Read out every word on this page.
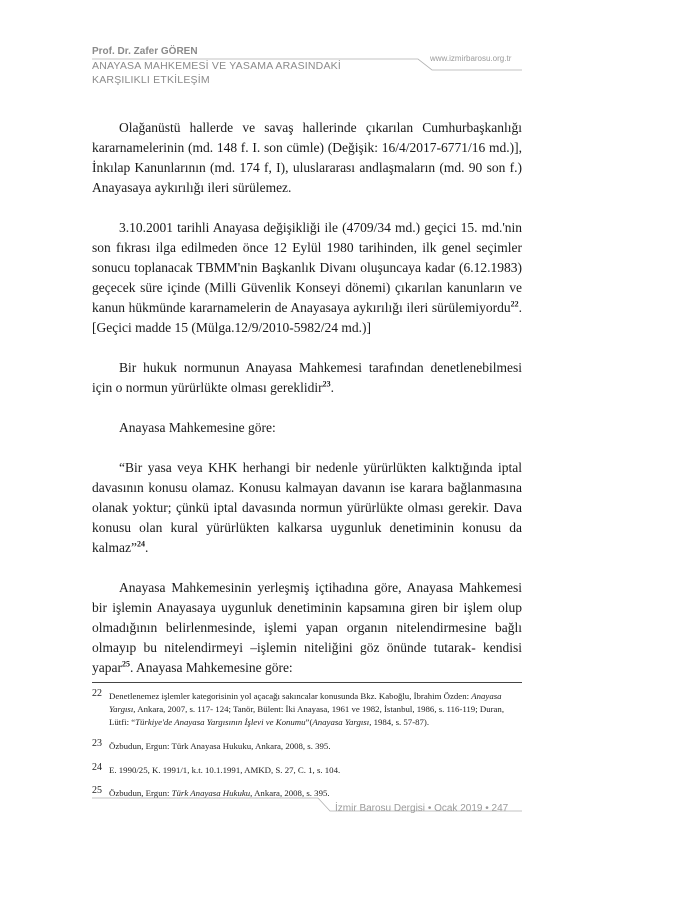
Prof. Dr. Zafer GÖREN
ANAYASA MAHKEMESİ VE YASAMA ARASINDAKİ
KARŞILIKLI ETKİLEŞİM
www.izmirbarosu.org.tr

Olağanüstü hallerde ve savaş hallerinde çıkarılan Cumhurbaşkanlığı kararnamelerinin (md. 148 f. I. son cümle) (Değişik: 16/4/2017-6771/16 md.)], İnkılap Kanunlarının (md. 174 f, I), uluslararası andlaşmaların (md. 90 son f.) Anayasaya aykırılığı ileri sürülemez.

3.10.2001 tarihli Anayasa değişikliği ile (4709/34 md.) geçici 15. md.'nin son fıkrası ilga edilmeden önce 12 Eylül 1980 tarihinden, ilk genel seçimler sonucu toplanacak TBMM'nin Başkanlık Divanı oluşuncaya kadar (6.12.1983) geçecek süre içinde (Milli Güvenlik Konseyi dönemi) çıkarılan kanunların ve kanun hükmünde kararnamelerin de Anayasaya aykırılığı ileri sürülemiyordu$^{22}$.[Geçici madde 15 (Mülga.12/9/2010-5982/24 md.)]

Bir hukuk normunun Anayasa Mahkemesi tarafından denetlenebilmesi için o normun yürürlükte olması gereklidir$^{23}$.

Anayasa Mahkemesine göre:

“Bir yasa veya KHK herhangi bir nedenle yürürlükten kalktığında iptal davasının konusu olamaz. Konusu kalmayan davanın ise karara bağlanmasına olanak yoktur; çünkü iptal davasında normun yürürlükte olması gerekir. Dava konusu olan kural yürürlükten kalkarsa uygunluk denetiminin konusu da kalmaz”$^{24}$.

Anayasa Mahkemesinin yerleşmiş içtihadına göre, Anayasa Mahkemesi bir işlemin Anayasaya uygunluk denetiminin kapsamına giren bir işlem olup olmadığının belirlenmesinde, işlemi yapan organın nitelendirmesine bağlı olmayıp bu nitelendirmeyi –işlemin niteliğini göz önünde tutarak- kendisi yapar$^{25}$. Anayasa Mahkemesine göre:

22 Denetlenemez işlemler kategorisinin yol açacağı sakıncalar konusunda Bkz. Kaboğlu, İbrahim Özden: Anayasa Yargısı, Ankara, 2007, s. 117- 124; Tanör, Bülent: İki Anayasa, 1961 ve 1982, İstanbul, 1986, s. 116-119; Duran, Lütfi: “Türkiye'de Anayasa Yargısının İşlevi ve Konumu”(Anayasa Yargısı, 1984, s. 57-87).
23 Özbudun, Ergun: Türk Anayasa Hukuku, Ankara, 2008, s. 395.
24 E. 1990/25, K. 1991/1, k.t. 10.1.1991, AMKD, S. 27, C. 1, s. 104.
25 Özbudun, Ergun: Türk Anayasa Hukuku, Ankara, 2008, s. 395.
İzmir Barosu Dergisi • Ocak 2019 • 247
